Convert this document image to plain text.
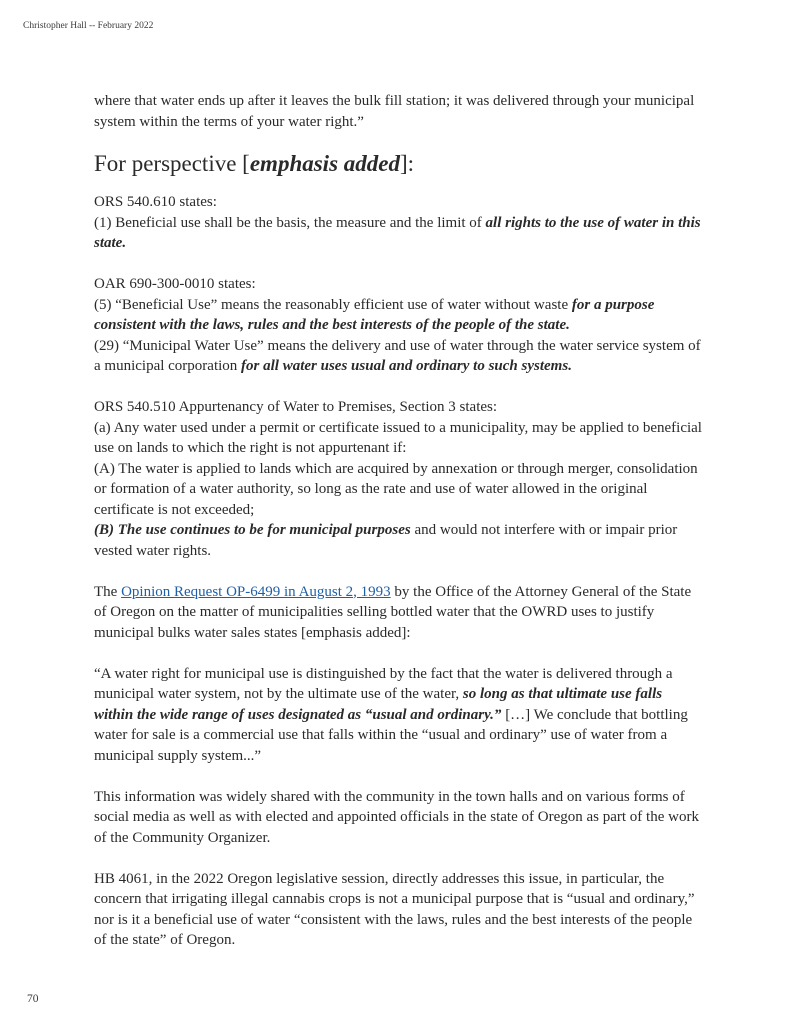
Christopher Hall -- February 2022

where that water ends up after it leaves the bulk fill station; it was delivered through your municipal system within the terms of your water right.”

For perspective [emphasis added]:

ORS 540.610 states:

(1) Beneficial use shall be the basis, the measure and the limit of all rights to the use of water in this state.

OAR 690-300-0010 states:

(5) “Beneficial Use” means the reasonably efficient use of water without waste for a purpose consistent with the laws, rules and the best interests of the people of the state.

(29) “Municipal Water Use” means the delivery and use of water through the water service system of a municipal corporation for all water uses usual and ordinary to such systems.

ORS 540.510 Appurtenancy of Water to Premises, Section 3 states:

(a) Any water used under a permit or certificate issued to a municipality, may be applied to beneficial use on lands to which the right is not appurtenant if:

(A) The water is applied to lands which are acquired by annexation or through merger, consolidation or formation of a water authority, so long as the rate and use of water allowed in the original certificate is not exceeded;

(B) The use continues to be for municipal purposes and would not interfere with or impair prior vested water rights.

The Opinion Request OP-6499 in August 2, 1993 by the Office of the Attorney General of the State of Oregon on the matter of municipalities selling bottled water that the OWRD uses to justify municipal bulks water sales states [emphasis added]:

“A water right for municipal use is distinguished by the fact that the water is delivered through a municipal water system, not by the ultimate use of the water, so long as that ultimate use falls within the wide range of uses designated as “usual and ordinary.” […] We conclude that bottling water for sale is a commercial use that falls within the “usual and ordinary” use of water from a municipal supply system...”

This information was widely shared with the community in the town halls and on various forms of social media as well as with elected and appointed officials in the state of Oregon as part of the work of the Community Organizer.

HB 4061, in the 2022 Oregon legislative session, directly addresses this issue, in particular, the concern that irrigating illegal cannabis crops is not a municipal purpose that is “usual and ordinary,” nor is it a beneficial use of water “consistent with the laws, rules and the best interests of the people of the state” of Oregon.

70
